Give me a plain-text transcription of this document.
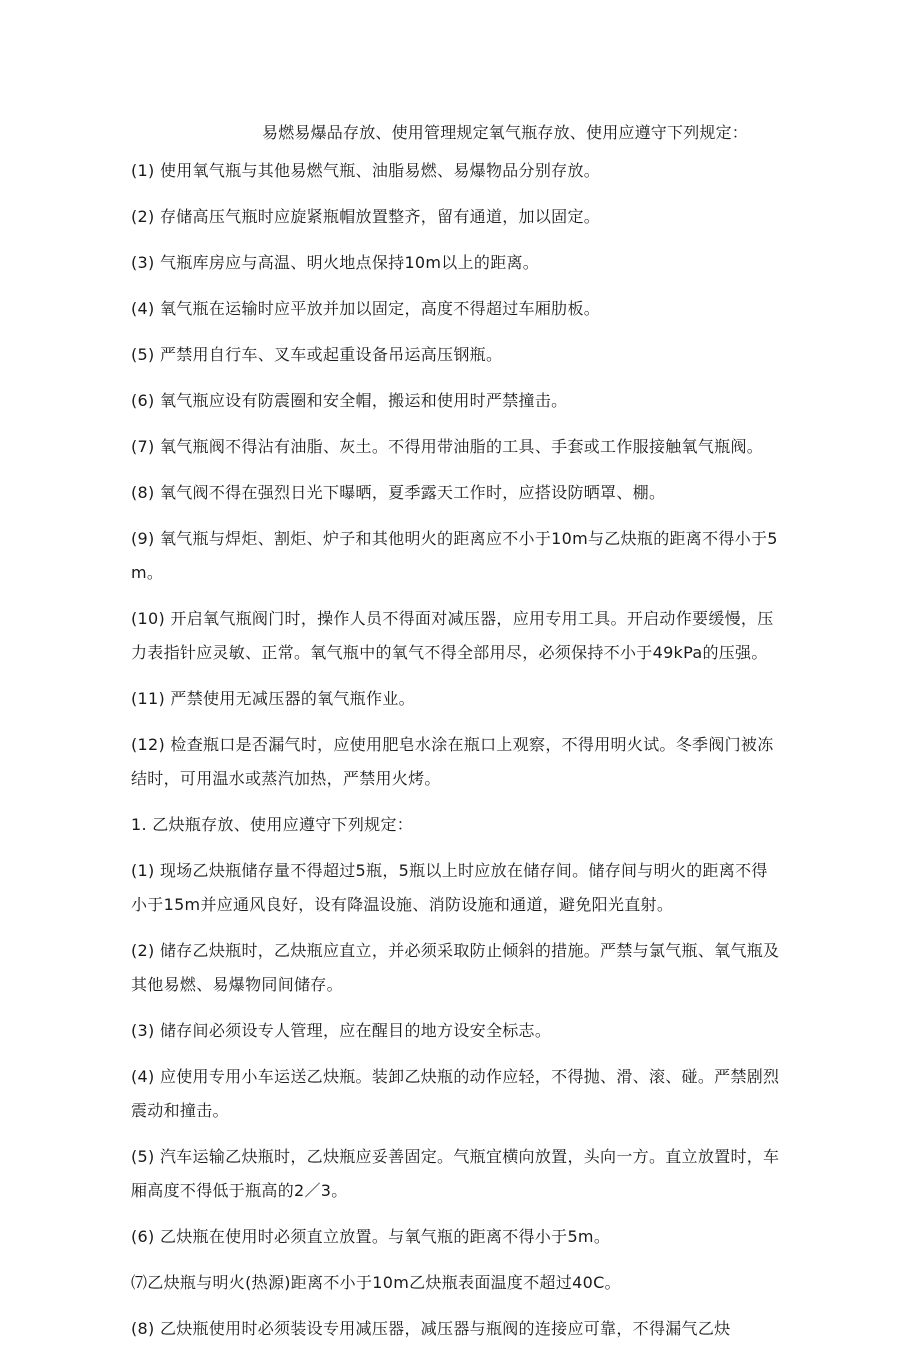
易燃易爆品存放、使用管理规定氧气瓶存放、使用应遵守下列规定：

(1) 使用氧气瓶与其他易燃气瓶、油脂易燃、易爆物品分别存放。

(2) 存储高压气瓶时应旋紧瓶帽放置整齐，留有通道，加以固定。

(3) 气瓶库房应与高温、明火地点保持10m以上的距离。

(4) 氧气瓶在运输时应平放并加以固定，高度不得超过车厢肋板。

(5) 严禁用自行车、叉车或起重设备吊运高压钢瓶。

(6) 氧气瓶应设有防震圈和安全帽，搬运和使用时严禁撞击。

(7) 氧气瓶阀不得沾有油脂、灰土。不得用带油脂的工具、手套或工作服接触氧气瓶阀。

(8) 氧气阀不得在强烈日光下曝晒，夏季露天工作时，应搭设防晒罩、棚。

(9) 氧气瓶与焊炬、割炬、炉子和其他明火的距离应不小于10m与乙炔瓶的距离不得小于5m。

(10) 开启氧气瓶阀门时，操作人员不得面对减压器，应用专用工具。开启动作要缓慢，压力表指针应灵敏、正常。氧气瓶中的氧气不得全部用尽，必须保持不小于49kPa的压强。

(11) 严禁使用无减压器的氧气瓶作业。

(12) 检查瓶口是否漏气时，应使用肥皂水涂在瓶口上观察，不得用明火试。冬季阀门被冻结时，可用温水或蒸汽加热，严禁用火烤。

1. 乙炔瓶存放、使用应遵守下列规定：

(1) 现场乙炔瓶储存量不得超过5瓶，5瓶以上时应放在储存间。储存间与明火的距离不得小于15m并应通风良好，设有降温设施、消防设施和通道，避免阳光直射。

(2) 储存乙炔瓶时，乙炔瓶应直立，并必须采取防止倾斜的措施。严禁与氯气瓶、氧气瓶及其他易燃、易爆物同间储存。

(3) 储存间必须设专人管理，应在醒目的地方设安全标志。

(4) 应使用专用小车运送乙炔瓶。装卸乙炔瓶的动作应轻，不得抛、滑、滚、碰。严禁剧烈震动和撞击。

(5) 汽车运输乙炔瓶时，乙炔瓶应妥善固定。气瓶宜横向放置，头向一方。直立放置时，车厢高度不得低于瓶高的2／3。

(6) 乙炔瓶在使用时必须直立放置。与氧气瓶的距离不得小于5m。

⑺乙炔瓶与明火(热源)距离不小于10m乙炔瓶表面温度不超过40C。

(8) 乙炔瓶使用时必须装设专用减压器，减压器与瓶阀的连接应可靠，不得漏气乙炔
